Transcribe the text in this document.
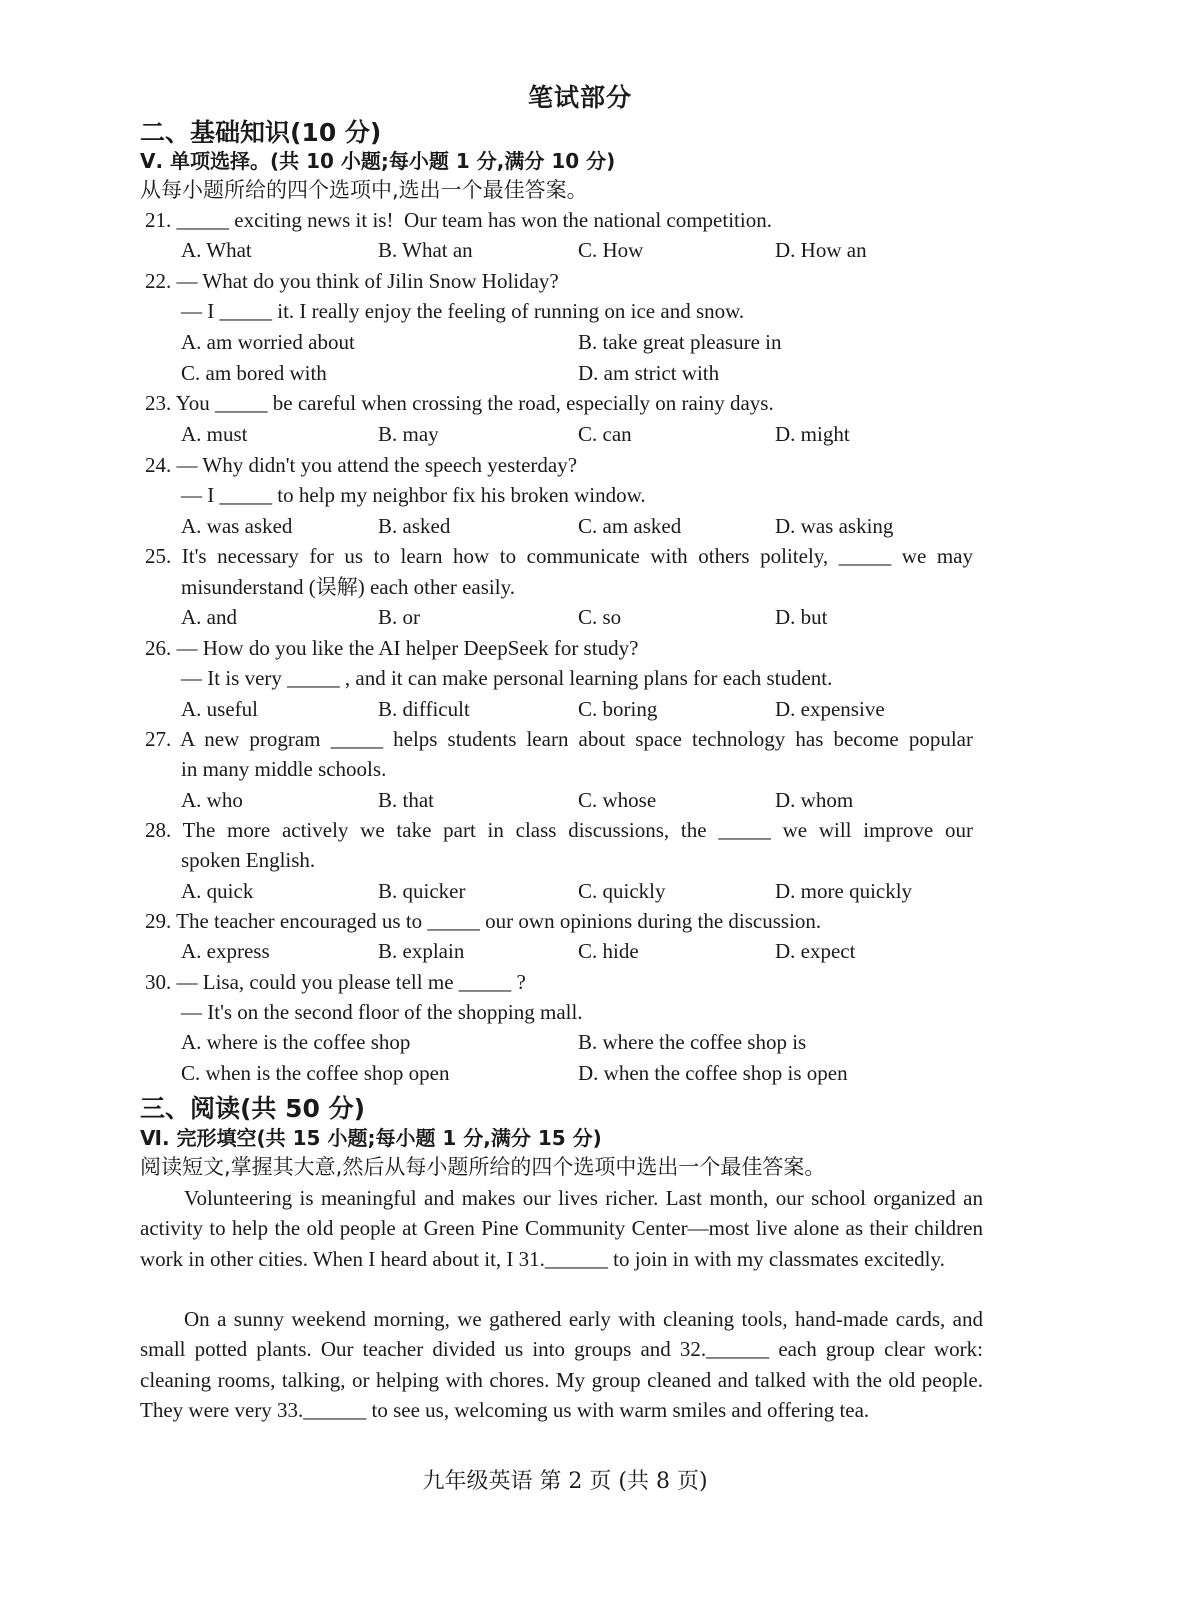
笔试部分
二、基础知识(10 分)
Ⅴ. 单项选择。(共 10 小题;每小题 1 分,满分 10 分)
从每小题所给的四个选项中,选出一个最佳答案。
21. _____ exciting news it is!  Our team has won the national competition.
A. What	B. What an	C. How	D. How an
22. — What do you think of Jilin Snow Holiday?
— I _____ it. I really enjoy the feeling of running on ice and snow.
A. am worried about	B. take great pleasure in
C. am bored with	D. am strict with
23. You _____ be careful when crossing the road, especially on rainy days.
A. must	B. may	C. can	D. might
24. — Why didn't you attend the speech yesterday?
— I _____ to help my neighbor fix his broken window.
A. was asked	B. asked	C. am asked	D. was asking
25. It's necessary for us to learn how to communicate with others politely, _____ we may
misunderstand (误解) each other easily.
A. and	B. or	C. so	D. but
26. — How do you like the AI helper DeepSeek for study?
— It is very _____ , and it can make personal learning plans for each student.
A. useful	B. difficult	C. boring	D. expensive
27. A new program _____ helps students learn about space technology has become popular
in many middle schools.
A. who	B. that	C. whose	D. whom
28. The more actively we take part in class discussions, the _____ we will improve our
spoken English.
A. quick	B. quicker	C. quickly	D. more quickly
29. The teacher encouraged us to _____ our own opinions during the discussion.
A. express	B. explain	C. hide	D. expect
30. — Lisa, could you please tell me _____ ?
— It's on the second floor of the shopping mall.
A. where is the coffee shop	B. where the coffee shop is
C. when is the coffee shop open	D. when the coffee shop is open
三、阅读(共 50 分)
Ⅵ. 完形填空(共 15 小题;每小题 1 分,满分 15 分)
阅读短文,掌握其大意,然后从每小题所给的四个选项中选出一个最佳答案。
Volunteering is meaningful and makes our lives richer. Last month, our school organized an activity to help the old people at Green Pine Community Center—most live alone as their children work in other cities. When I heard about it, I 31.______ to join in with my classmates excitedly.
On a sunny weekend morning, we gathered early with cleaning tools, hand-made cards, and small potted plants. Our teacher divided us into groups and 32.______ each group clear work: cleaning rooms, talking, or helping with chores. My group cleaned and talked with the old people. They were very 33.______ to see us, welcoming us with warm smiles and offering tea.
九年级英语 第 2 页 (共 8 页)
